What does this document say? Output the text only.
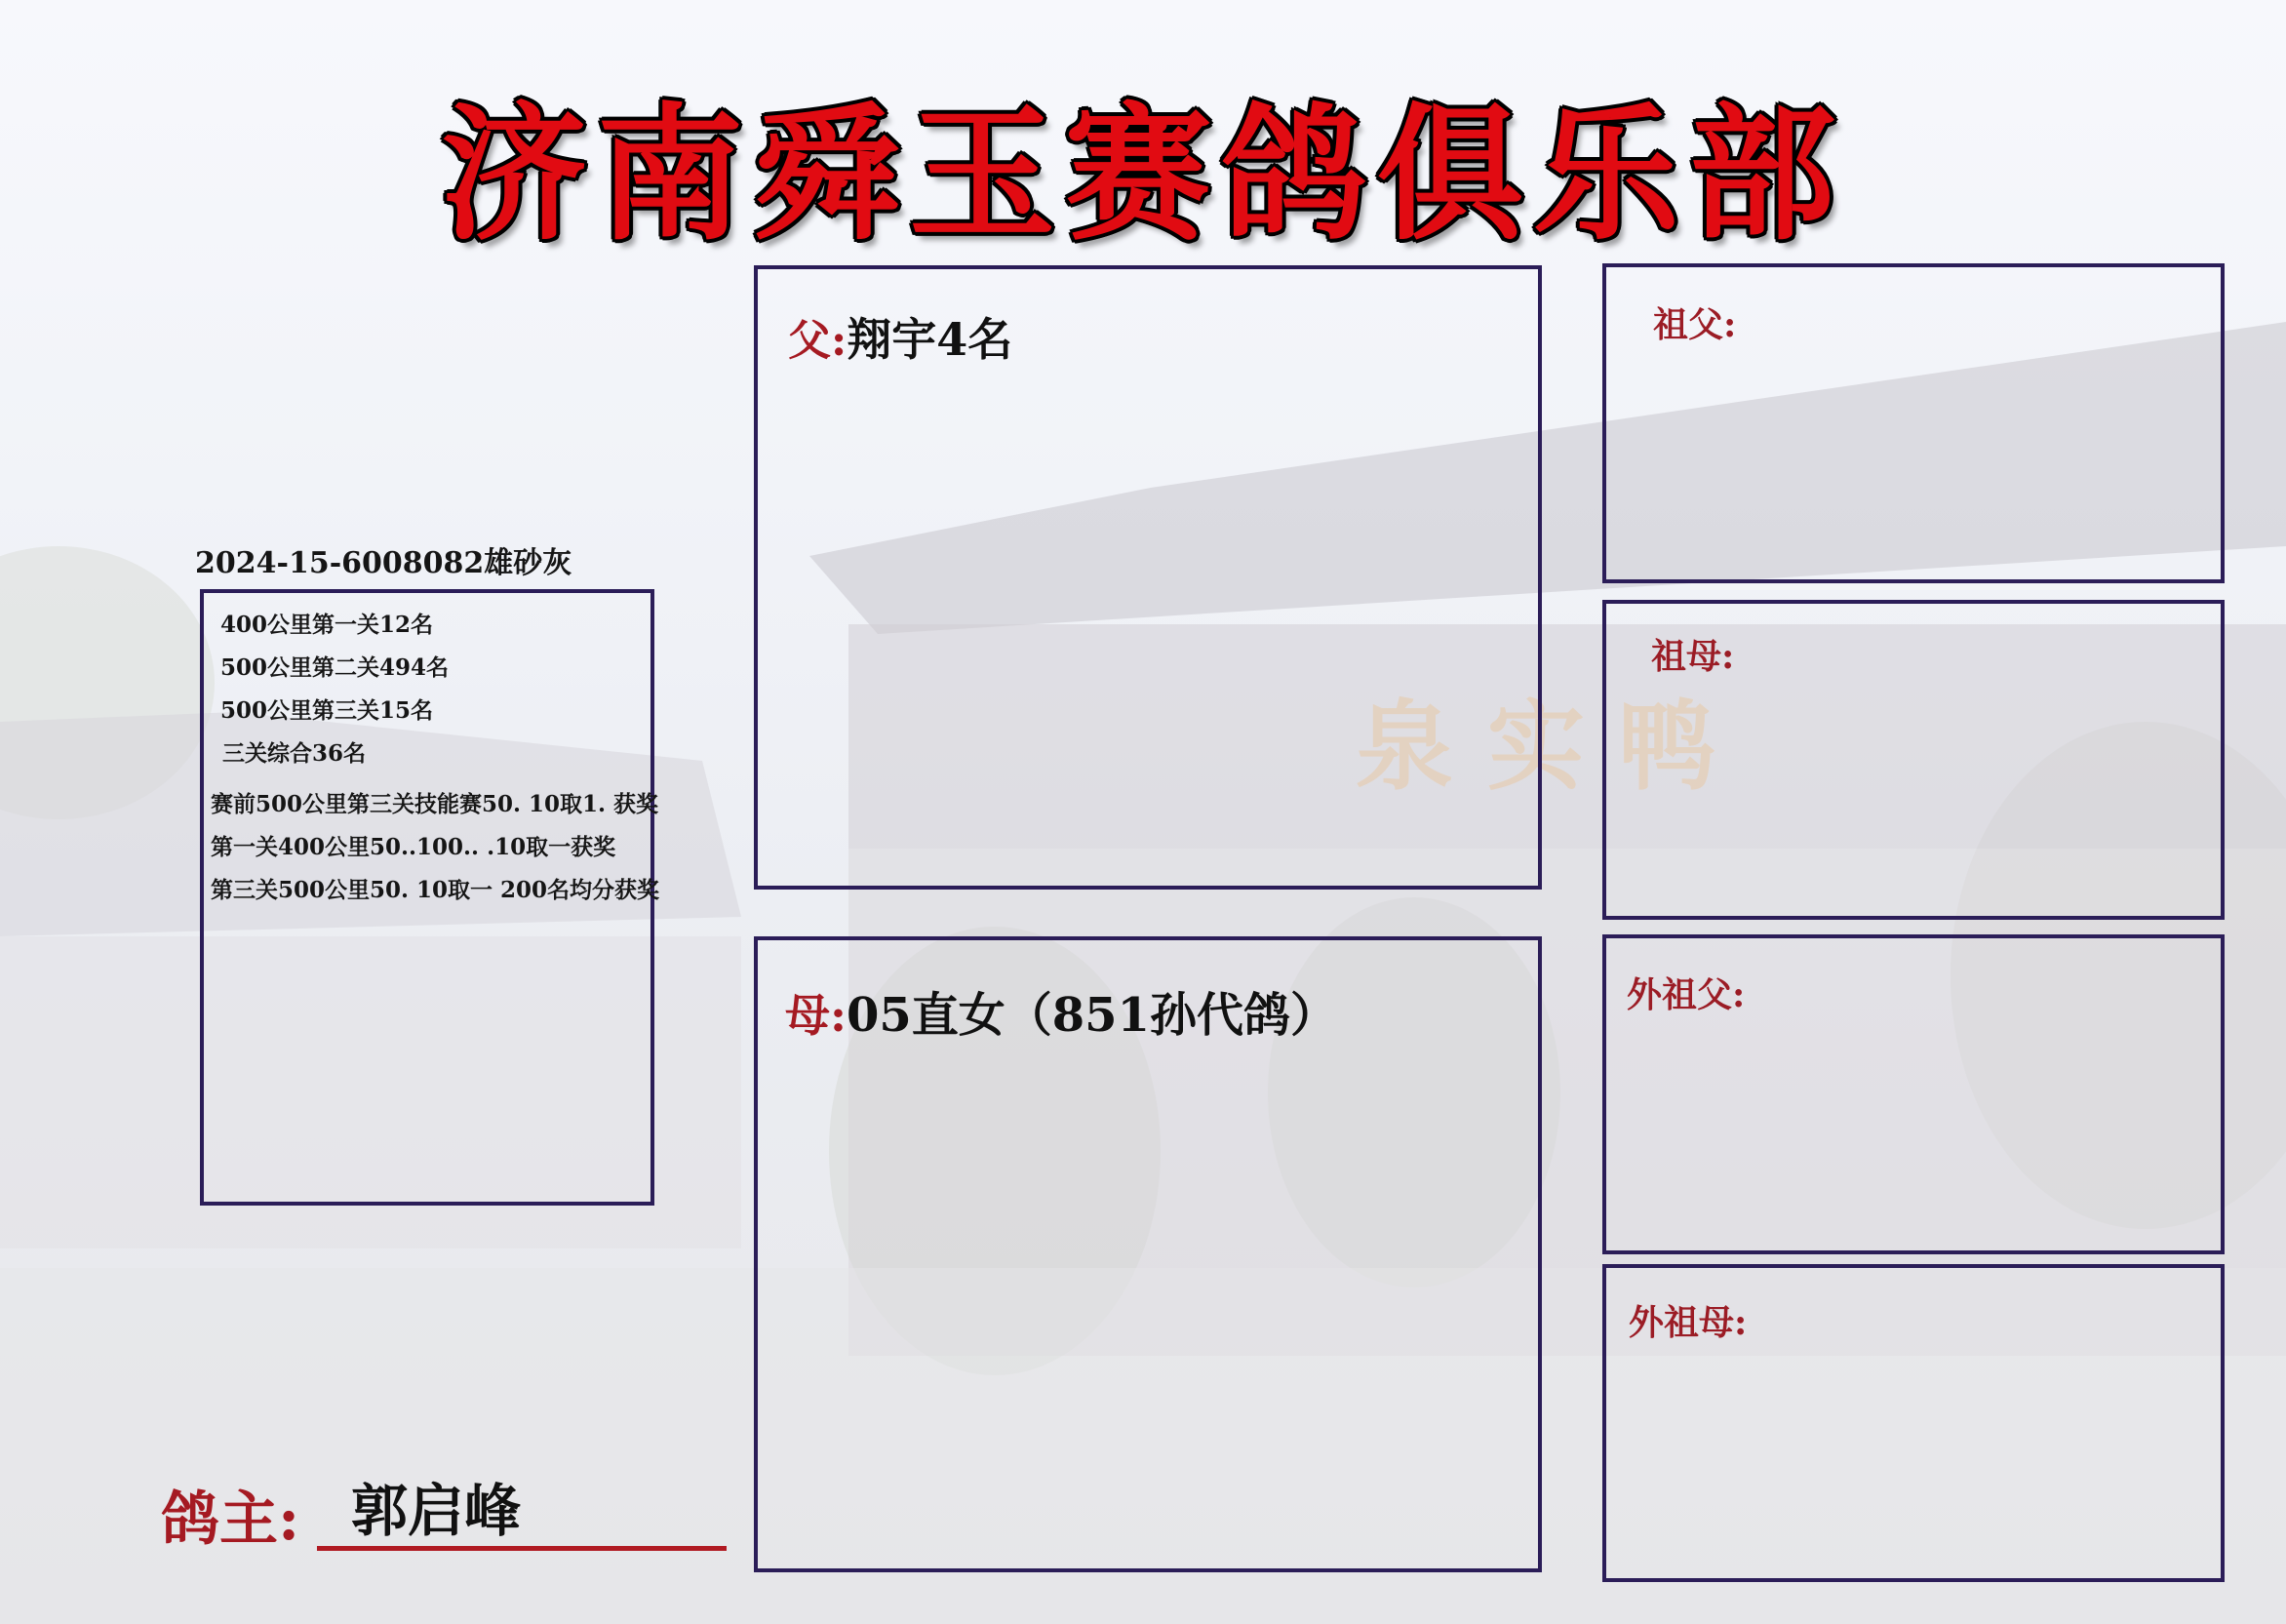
泉 实 鸭
济南舜玉赛鸽俱乐部
2024-15-6008082雄砂灰
400公里第一关12名
500公里第二关494名
500公里第三关15名
三关综合36名
赛前500公里第三关技能赛50. 10取1. 获奖
第一关400公里50..100.. .10取一获奖
第三关500公里50. 10取一 200名均分获奖
父:翔宇4名
母:05直女（851孙代鸽）
祖父:
祖母:
外祖父:
外祖母:
鸽主: 郭启峰
